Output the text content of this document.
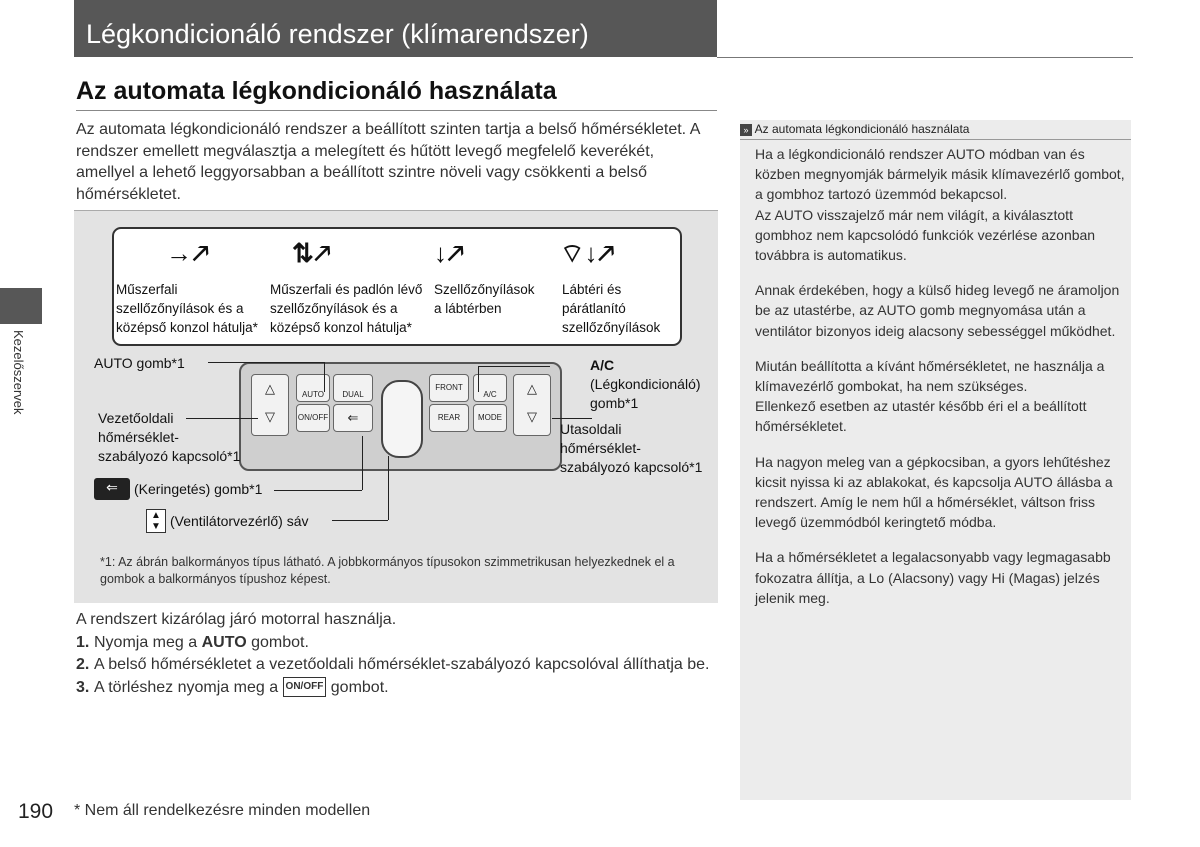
Légkondicionáló rendszer (klímarendszer)
Az automata légkondicionáló használata
Az automata légkondicionáló rendszer a beállított szinten tartja a belső hőmérsékletet. A rendszer emellett megválasztja a melegített és hűtött levegő megfelelő keverékét, amellyel a lehető leggyorsabban a beállított szintre növeli vagy csökkenti a belső hőmérsékletet.
→🡕
Műszerfali
szellőzőnyílások és a
középső konzol hátulja*
⇅🡕
Műszerfali és padlón lévő
szellőzőnyílások és a
középső konzol hátulja*
↓🡕
Szellőzőnyílások
a lábtérben
⌔↓🡕
Lábtéri és
párátlanító
szellőzőnyílások
△
▽
AUTO	DUAL
ON/OFF	⇐
FRONT
A/C
REAR	MODE
△
▽
AUTO gomb*1
Vezetőoldali
hőmérséklet-
szabályozó kapcsoló*1
⇐	(Keringetés) gomb*1
▲
▼ (Ventilátorvezérlő) sáv
A/C
(Légkondicionáló)
gomb*1
Utasoldali
hőmérséklet-
szabályozó kapcsoló*1
*1: Az ábrán balkormányos típus látható. A jobbkormányos típusokon szimmetrikusan helyezkednek el a gombok a balkormányos típushoz képest.
A rendszert kizárólag járó motorral használja.
1. Nyomja meg a AUTO gombot.
2. A belső hőmérsékletet a vezetőoldali hőmérséklet-szabályozó kapcsolóval állíthatja be.
3. A törléshez nyomja meg a ON/OFF gombot.
» Az automata légkondicionáló használata

Ha a légkondicionáló rendszer AUTO módban van és közben megnyomják bármelyik másik klímavezérlő gombot, a gombhoz tartozó üzemmód bekapcsol.
Az AUTO visszajelző már nem világít, a kiválasztott gombhoz nem kapcsolódó funkciók vezérlése azonban továbbra is automatikus.

Annak érdekében, hogy a külső hideg levegő ne áramoljon be az utastérbe, az AUTO gomb megnyomása után a ventilátor bizonyos ideig alacsony sebességgel működhet.

Miután beállította a kívánt hőmérsékletet, ne használja a klímavezérlő gombokat, ha nem szükséges.
Ellenkező esetben az utastér később éri el a beállított hőmérsékletet.

Ha nagyon meleg van a gépkocsiban, a gyors lehűtéshez kicsit nyissa ki az ablakokat, és kapcsolja AUTO állásba a rendszert. Amíg le nem hűl a hőmérséklet, váltson friss levegő üzemmódból keringtető módba.

Ha a hőmérsékletet a legalacsonyabb vagy legmagasabb fokozatra állítja, a Lo (Alacsony) vagy Hi (Magas) jelzés jelenik meg.

Kezelőszervek
190 * Nem áll rendelkezésre minden modellen
